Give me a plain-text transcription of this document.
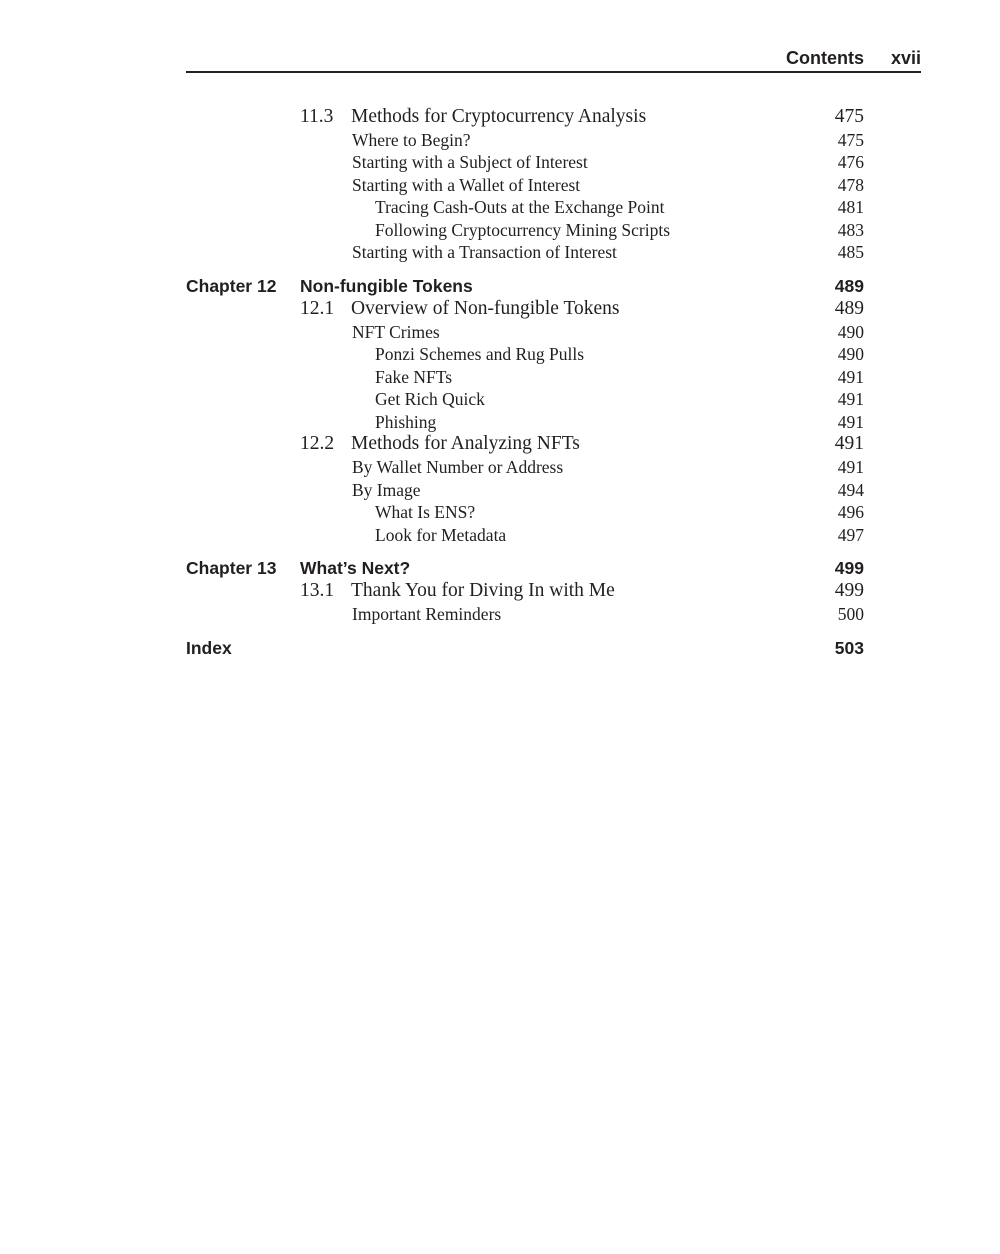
Contents xvii
11.3 Methods for Cryptocurrency Analysis	475
Where to Begin?	475
Starting with a Subject of Interest	476
Starting with a Wallet of Interest	478
Tracing Cash-Outs at the Exchange Point	481
Following Cryptocurrency Mining Scripts	483
Starting with a Transaction of Interest	485
Chapter 12 Non-fungible Tokens	489
12.1 Overview of Non-fungible Tokens	489
NFT Crimes	490
Ponzi Schemes and Rug Pulls	490
Fake NFTs	491
Get Rich Quick	491
Phishing	491
12.2 Methods for Analyzing NFTs	491
By Wallet Number or Address	491
By Image	494
What Is ENS?	496
Look for Metadata	497
Chapter 13 What’s Next?	499
13.1 Thank You for Diving In with Me	499
Important Reminders	500
Index	503
